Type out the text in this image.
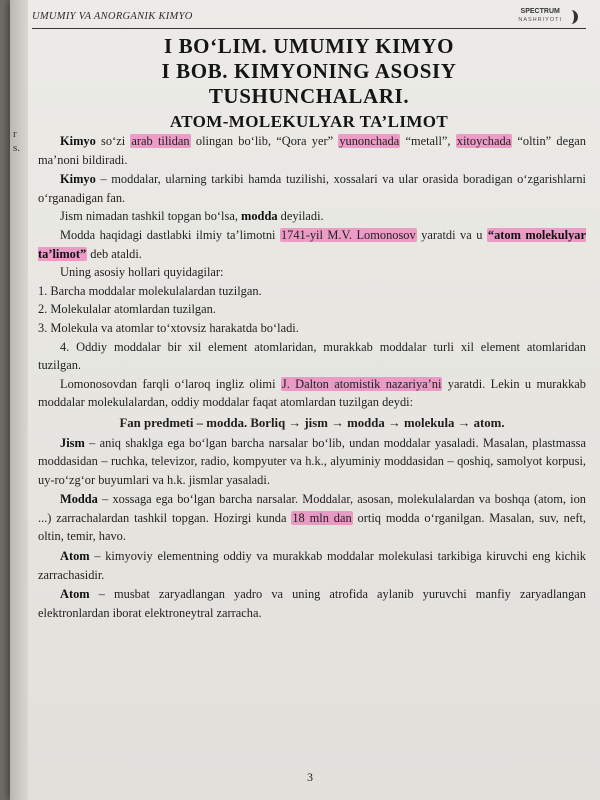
r
s.
UMUMIY VA ANORGANIK KIMYO	SPECTRUM
NASHRIYOTI
I BO‘LIM. UMUMIY KIMYO
I BOB. KIMYONING ASOSIY
TUSHUNCHALARI.
ATOM-MOLEKULYAR TA’LIMOT

Kimyo so‘zi arab tilidan olingan bo‘lib, “Qora yer” yunonchada “metall”, xitoychada “oltin” degan ma’noni bildiradi.

Kimyo – moddalar, ularning tarkibi hamda tuzilishi, xossalari va ular orasida boradigan o‘zgarishlarni o‘rganadigan fan.

Jism nimadan tashkil topgan bo‘lsa, modda deyiladi.

Modda haqidagi dastlabki ilmiy ta’limotni 1741-yil M.V. Lomonosov yaratdi va u “atom molekulyar ta’limot” deb ataldi.

Uning asosiy hollari quyidagilar:

1. Barcha moddalar molekulalardan tuzilgan.

2. Molekulalar atomlardan tuzilgan.

3. Molekula va atomlar to‘xtovsiz harakatda bo‘ladi.

4. Oddiy moddalar bir xil element atomlaridan, murakkab moddalar turli xil element atomlaridan tuzilgan.

Lomonosovdan farqli o‘laroq ingliz olimi J. Dalton atomistik nazariya’ni yaratdi. Lekin u murakkab moddalar molekulalardan, oddiy moddalar faqat atomlardan tuzilgan deydi:

Fan predmeti – modda. Borliq → jism → modda → molekula → atom.

Jism – aniq shaklga ega bo‘lgan barcha narsalar bo‘lib, undan moddalar yasaladi. Masalan, plastmassa moddasidan – ruchka, televizor, radio, kompyuter va h.k., alyuminiy moddasidan – qoshiq, samolyot korpusi, uy-ro‘zg‘or buyumlari va h.k. jismlar yasaladi.

Modda – xossaga ega bo‘lgan barcha narsalar. Moddalar, asosan, molekulalardan va boshqa (atom, ion ...) zarrachalardan tashkil topgan. Hozirgi kunda 18 mln dan ortiq modda o‘rganilgan. Masalan, suv, neft, oltin, temir, havo.

Atom – kimyoviy elementning oddiy va murakkab moddalar molekulasi tarkibiga kiruvchi eng kichik zarrachasidir.

Atom – musbat zaryadlangan yadro va uning atrofida aylanib yuruvchi manfiy zaryadlangan elektronlardan iborat elektroneytral zarracha.

3
